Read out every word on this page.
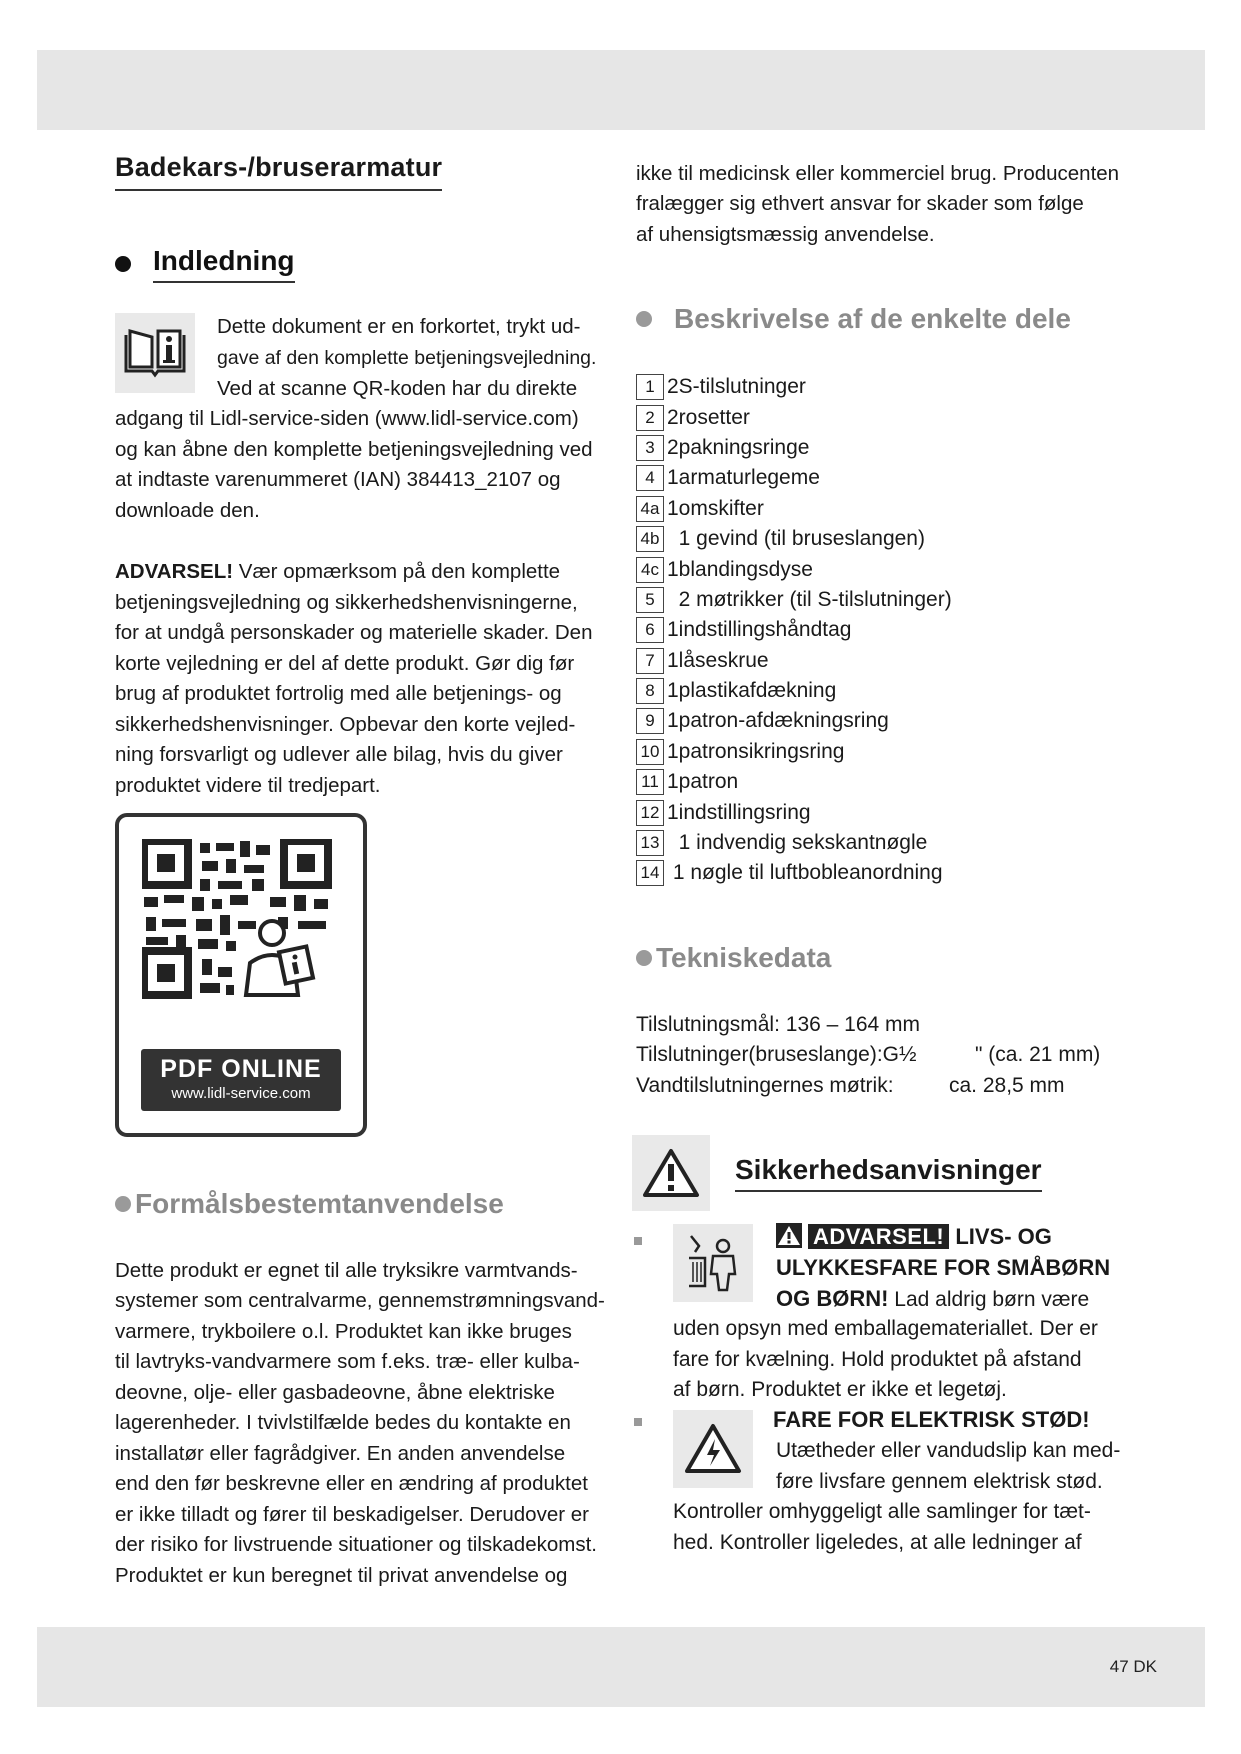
47 DK
Badekars-/bruserarmatur
Indledning

Dette dokument er en forkortet, trykt ud-

gave af den komplette betjeningsvejledning.

Ved at scanne QR-koden har du direkte

adgang til Lidl-service-siden (www.lidl-service.com)

og kan åbne den komplette betjeningsvejledning ved

at indtaste varenummeret (IAN) 384413_2107 og

downloade den.

ADVARSEL! Vær opmærksom på den komplette

betjeningsvejledning og sikkerhedshenvisningerne,

for at undgå personskader og materielle skader. Den

korte vejledning er del af dette produkt. Gør dig før

brug af produktet fortrolig med alle betjenings- og

sikkerhedshenvisninger. Opbevar den korte vejled-

ning forsvarligt og udlever alle bilag, hvis du giver

produktet videre til tredjepart.

PDF ONLINE
www.lidl-service.com
Formålsbestemtanvendelse

Dette produkt er egnet til alle tryksikre varmtvands-

systemer som centralvarme, gennemstrømningsvand-

varmere, trykboilere o.l. Produktet kan ikke bruges

til lavtryks-vandvarmere som f.eks. træ- eller kulba-

deovne, olje- eller gasbadeovne, åbne elektriske

lagerenheder. I tvivlstilfælde bedes du kontakte en

installatør eller fagrådgiver. En anden anvendelse

end den før beskrevne eller en ændring af produktet

er ikke tilladt og fører til beskadigelser. Derudover er

der risiko for livstruende situationer og tilskadekomst.

Produktet er kun beregnet til privat anvendelse og

ikke til medicinsk eller kommerciel brug. Producenten

fralægger sig ethvert ansvar for skader som følge

af uhensigtsmæssig anvendelse.

Beskrivelse af de enkelte dele
1 2S-tilslutninger
2 2rosetter
3 2pakningsringe
4 1armaturlegeme
4a 1omskifter
4b 1 gevind (til bruseslangen)
4c 1blandingsdyse
5 2 møtrikker (til S-tilslutninger)
6 1indstillingshåndtag
7 1låseskrue
8 1plastikafdækning
9 1patron-afdækningsring
10 1patronsikringsring
11 1patron
12 1indstillingsring
13 1 indvendig sekskantnøgle
14 1 nøgle til luftbobleanordning
Tekniskedata
Tilslutningsmål: 136 – 164 mm
Tilslutninger(bruseslange):G½	" (ca. 21 mm)
Vandtilslutningernes møtrik:	ca. 28,5 mm
Sikkerhedsanvisninger

ADVARSEL! LIVS- OG

ULYKKESFARE FOR SMÅBØRN

OG BØRN! Lad aldrig børn være

uden opsyn med emballagemateriallet. Der er

fare for kvælning. Hold produktet på afstand

af børn. Produktet er ikke et legetøj.

FARE FOR ELEKTRISK STØD!

Utætheder eller vandudslip kan med-

føre livsfare gennem elektrisk stød.

Kontroller omhyggeligt alle samlinger for tæt-

hed. Kontroller ligeledes, at alle ledninger af
